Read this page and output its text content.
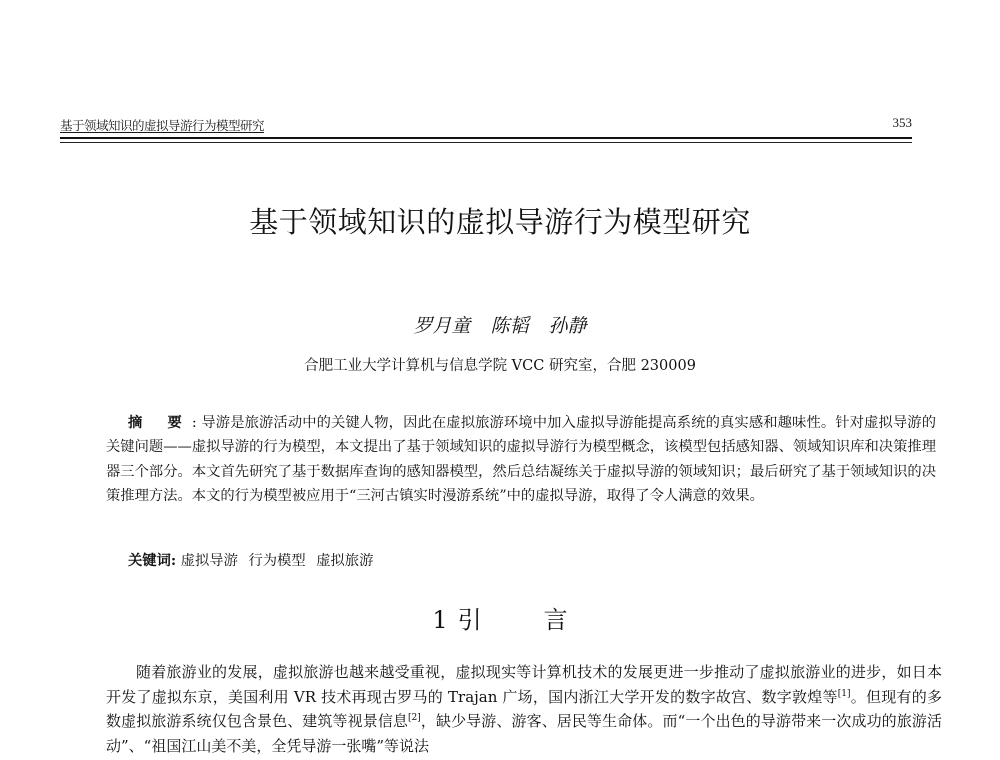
基于领域知识的虚拟导游行为模型研究	353
基于领域知识的虚拟导游行为模型研究
罗月童 陈韬 孙静
合肥工业大学计算机与信息学院 VCC 研究室，合肥 230009
摘 要: 导游是旅游活动中的关键人物，因此在虚拟旅游环境中加入虚拟导游能提高系统的真实感和趣味性。针对虚拟导游的关键问题——虚拟导游的行为模型，本文提出了基于领域知识的虚拟导游行为模型概念，该模型包括感知器、领域知识库和决策推理器三个部分。本文首先研究了基于数据库查询的感知器模型，然后总结凝练关于虚拟导游的领域知识；最后研究了基于领域知识的决策推理方法。本文的行为模型被应用于“三河古镇实时漫游系统”中的虚拟导游，取得了令人满意的效果。
关键词: 虚拟导游 行为模型 虚拟旅游
1 引	言

随着旅游业的发展，虚拟旅游也越来越受重视，虚拟现实等计算机技术的发展更进一步推动了虚拟旅游业的进步，如日本开发了虚拟东京，美国利用 VR 技术再现古罗马的 Trajan 广场，国内浙江大学开发的数字故宫、数字敦煌等[1]。但现有的多数虚拟旅游系统仅包含景色、建筑等视景信息[2]，缺少导游、游客、居民等生命体。而“一个出色的导游带来一次成功的旅游活动”、“祖国江山美不美，全凭导游一张嘴”等说法
